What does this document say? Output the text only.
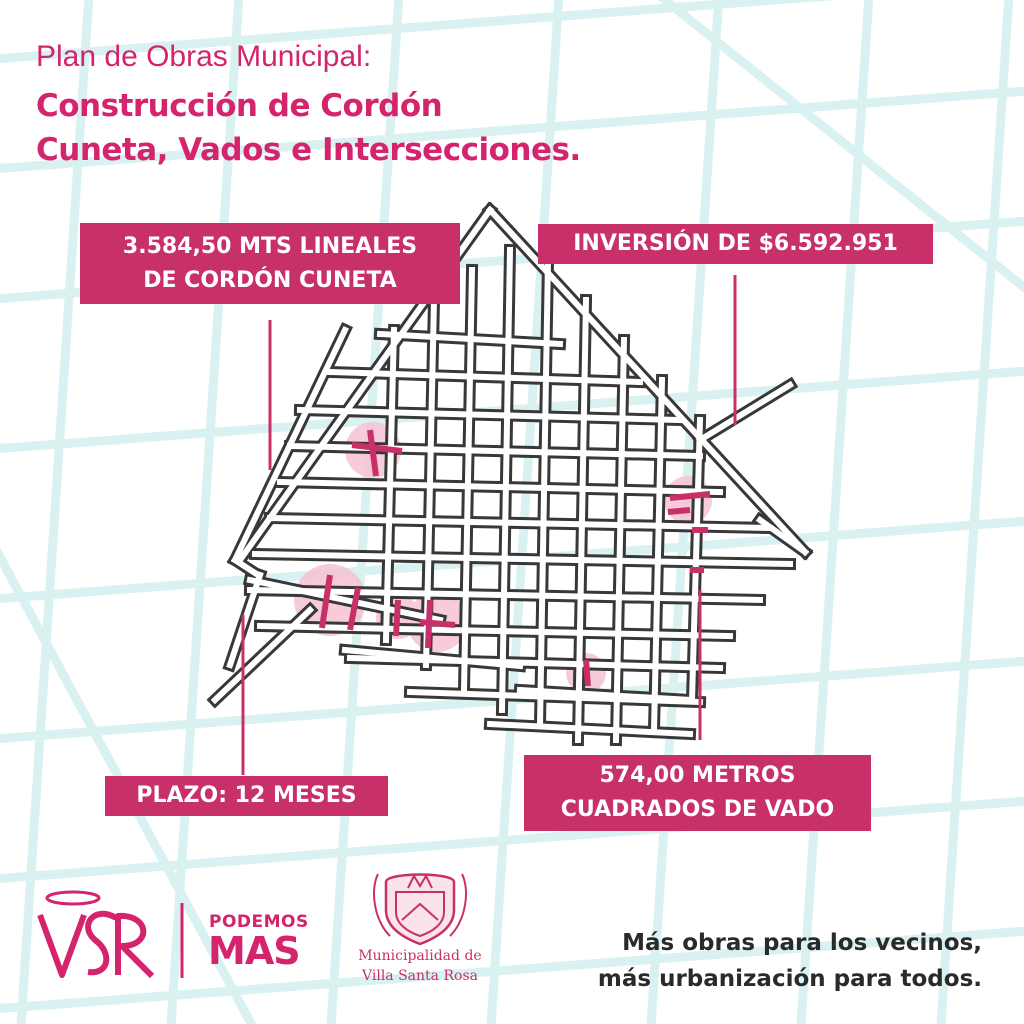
Plan de Obras Municipal:
Construcción de Cordón
Cuneta, Vados e Intersecciones.
3.584,50 MTS LINEALES
DE CORDÓN CUNETA
INVERSIÓN DE $6.592.951
PLAZO: 12 MESES
574,00 METROS
CUADRADOS DE VADO
PODEMOS
MAS	Municipalidad de
Villa Santa Rosa
Más obras para los vecinos,
más urbanización para todos.
